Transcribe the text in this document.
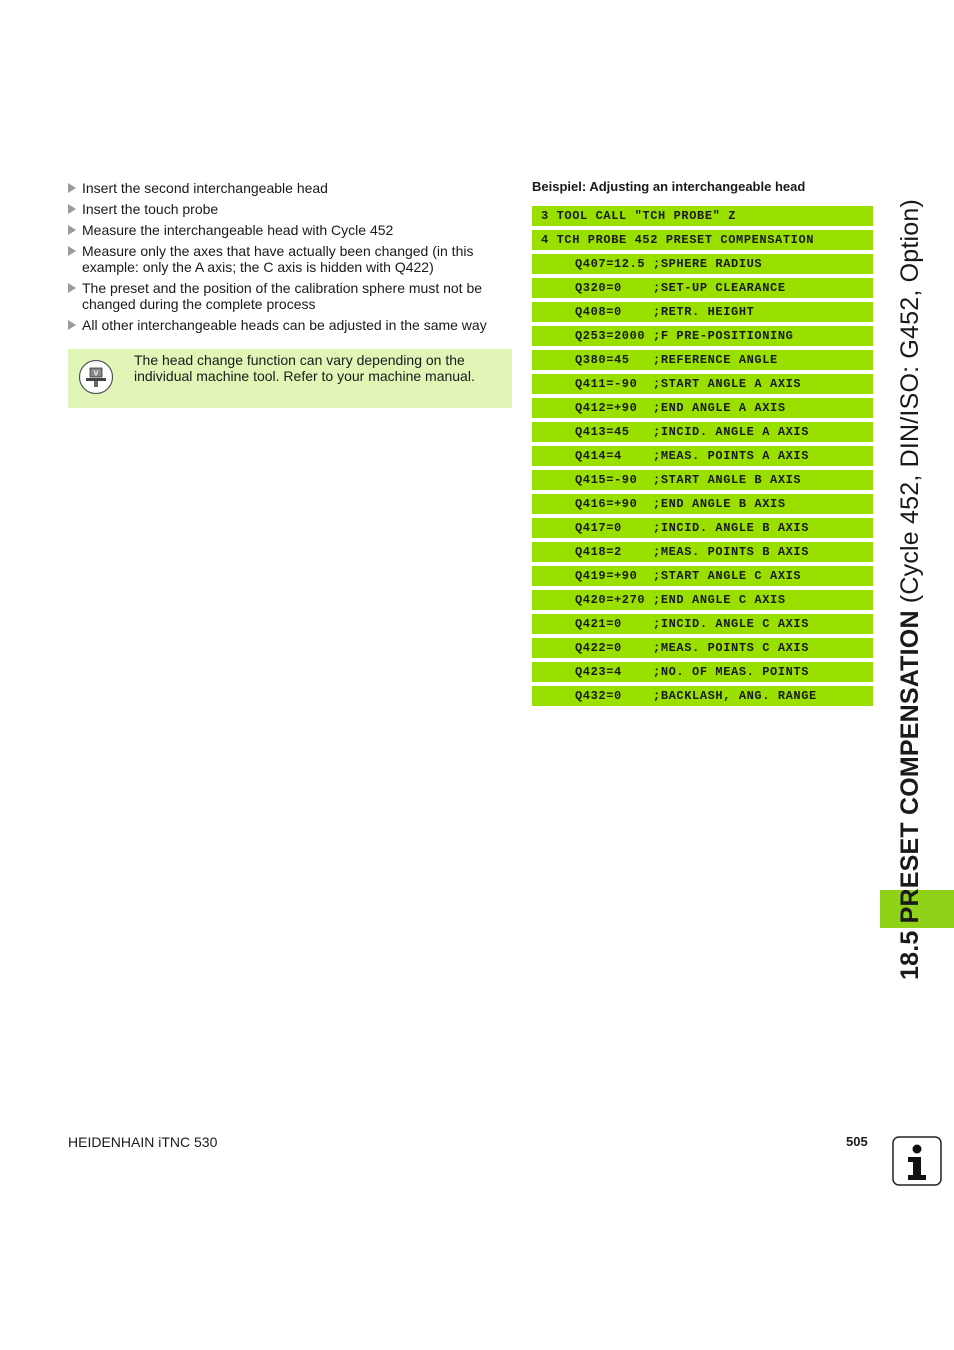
Insert the second interchangeable head
Insert the touch probe
Measure the interchangeable head with Cycle 452
Measure only the axes that have actually been changed (in this example: only the A axis; the C axis is hidden with Q422)
The preset and the position of the calibration sphere must not be changed during the complete process
All other interchangeable heads can be adjusted in the same way
V
The head change function can vary depending on the individual machine tool. Refer to your machine manual.
Beispiel: Adjusting an interchangeable head
3 TOOL CALL "TCH PROBE" Z
4 TCH PROBE 452 PRESET COMPENSATION
Q407=12.5 ;SPHERE RADIUS
Q320=0    ;SET-UP CLEARANCE
Q408=0    ;RETR. HEIGHT
Q253=2000 ;F PRE-POSITIONING
Q380=45   ;REFERENCE ANGLE
Q411=-90  ;START ANGLE A AXIS
Q412=+90  ;END ANGLE A AXIS
Q413=45   ;INCID. ANGLE A AXIS
Q414=4    ;MEAS. POINTS A AXIS
Q415=-90  ;START ANGLE B AXIS
Q416=+90  ;END ANGLE B AXIS
Q417=0    ;INCID. ANGLE B AXIS
Q418=2    ;MEAS. POINTS B AXIS
Q419=+90  ;START ANGLE C AXIS
Q420=+270 ;END ANGLE C AXIS
Q421=0    ;INCID. ANGLE C AXIS
Q422=0    ;MEAS. POINTS C AXIS
Q423=4    ;NO. OF MEAS. POINTS
Q432=0    ;BACKLASH, ANG. RANGE	18.5 PRESET COMPENSATION (Cycle 452, DIN/ISO: G452, Option)
HEIDENHAIN iTNC 530	505
